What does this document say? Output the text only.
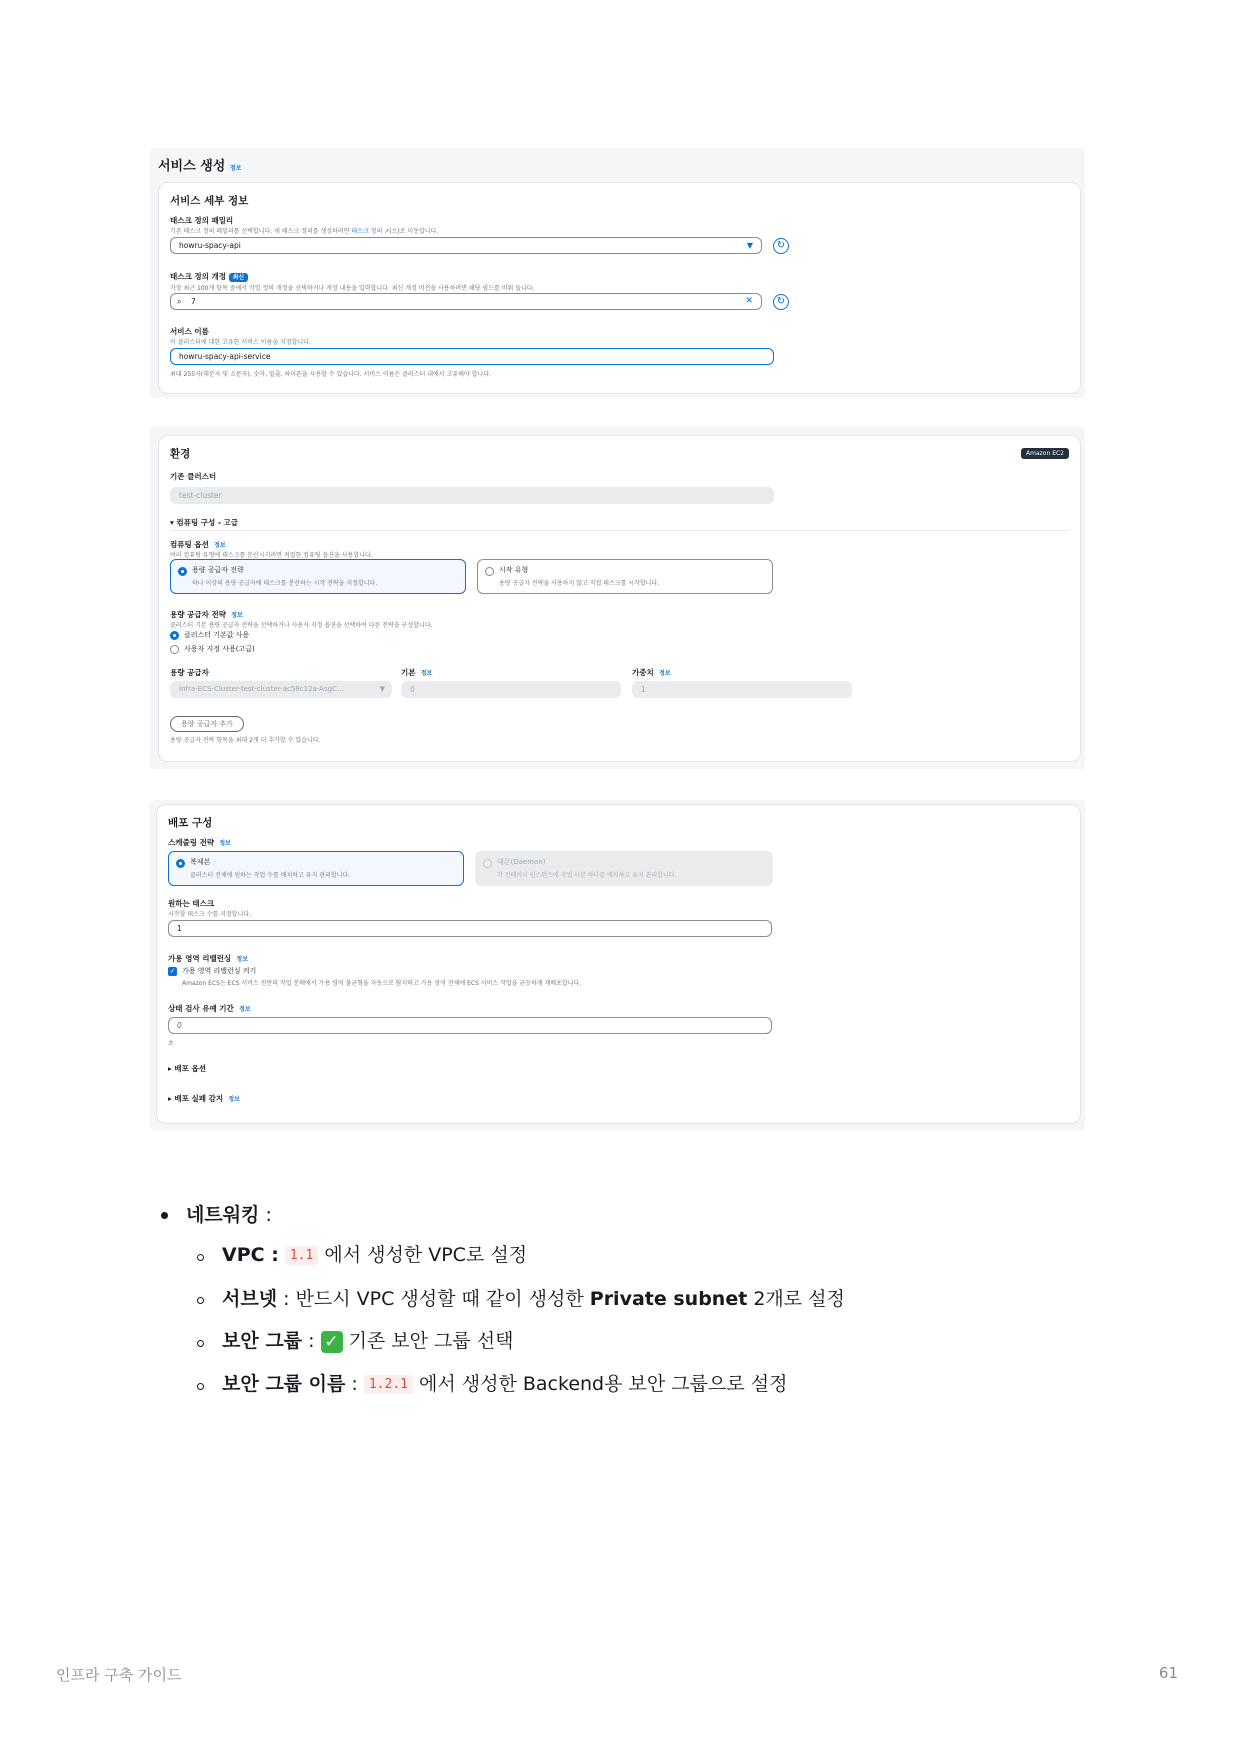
서비스 생성 정보
서비스 세부 정보
태스크 정의 패밀리
기존 태스크 정의 패밀리를 선택합니다. 새 태스크 정의를 생성하려면 태스크 정의 ↗(으)로 이동합니다.
howru-spacy-api	▼	↻
태스크 정의 개정 최신
가장 최근 100개 항목 중에서 작업 정의 개정을 선택하거나 개정 내용을 입력합니다. 최신 개정 버전을 사용하려면 해당 필드를 비워 둡니다.
⌕ 7	✕	↻
서비스 이름
이 클러스터에 대한 고유한 서비스 이름을 지정합니다.
howru-spacy-api-service
최대 255자(대문자 및 소문자), 숫자, 밑줄, 하이픈을 사용할 수 있습니다. 서비스 이름은 클러스터 내에서 고유해야 합니다.
환경	Amazon EC2
기존 클러스터
test-cluster
▾ 컴퓨팅 구성 - 고급
컴퓨팅 옵션 정보
여러 컴퓨팅 유형에 태스크를 분산시키려면 적절한 컴퓨팅 옵션을 사용합니다.
용량 공급자 전략
하나 이상의 용량 공급자에 태스크를 분산하는 시작 전략을 지정합니다.
시작 유형
용량 공급자 전략을 사용하지 않고 직접 태스크를 시작합니다.
용량 공급자 전략 정보
클러스터 기본 용량 공급자 전략을 선택하거나 사용자 지정 옵션을 선택하여 다른 전략을 구성합니다.
클러스터 기본값 사용
사용자 지정 사용(고급)
용량 공급자	기본 정보	가중치 정보
Infra-ECS-Cluster-test-cluster-ac58c12a-AsgC...	▼	0	1
용량 공급자 추가
용량 공급자 전략 항목을 최대 2개 더 추가할 수 있습니다.
배포 구성
스케줄링 전략 정보
복제본
클러스터 전체에 원하는 작업 수를 배치하고 유지 관리합니다.
대몬(Daemon)
각 컨테이너 인스턴스에 작업 사본 하나를 배치하고 유지 관리합니다.
원하는 태스크
시작할 태스크 수를 지정합니다.
1
가용 영역 리밸런싱 정보
✓ 가용 영역 리밸런싱 켜기
Amazon ECS는 ECS 서비스 전반의 작업 분배에서 가용 영역 불균형을 자동으로 탐지하고 가용 영역 전체에 ECS 서비스 작업을 균등하게 재배포합니다.
상태 검사 유예 기간 정보
0
초
▸ 배포 옵션
▸ 배포 실패 감지 정보
네트워킹 :
VPC : 1.1 에서 생성한 VPC로 설정
서브넷 : 반드시 VPC 생성할 때 같이 생성한 Private subnet 2개로 설정
보안 그룹 : ✓ 기존 보안 그룹 선택
보안 그룹 이름 : 1.2.1 에서 생성한 Backend용 보안 그룹으로 설정
인프라 구축 가이드	61
